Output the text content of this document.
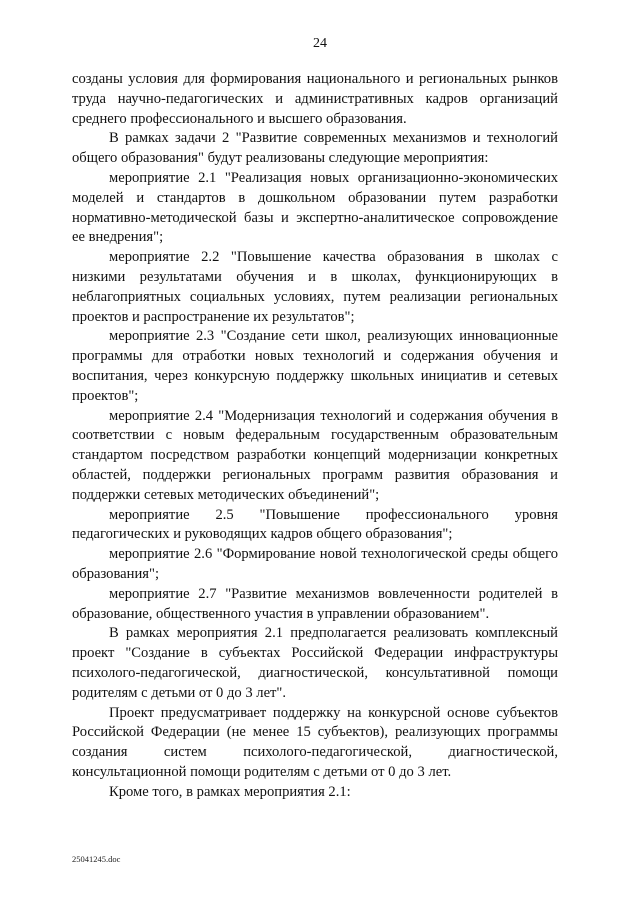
24

созданы условия для формирования национального и региональных рынков труда научно-педагогических и административных кадров организаций среднего профессионального и высшего образования.

В рамках задачи 2 "Развитие современных механизмов и технологий общего образования" будут реализованы следующие мероприятия:

мероприятие 2.1 "Реализация новых организационно-экономических моделей и стандартов в дошкольном образовании путем разработки нормативно-методической базы и экспертно-аналитическое сопровождение ее внедрения";

мероприятие 2.2 "Повышение качества образования в школах с низкими результатами обучения и в школах, функционирующих в неблагоприятных социальных условиях, путем реализации региональных проектов и распространение их результатов";

мероприятие 2.3 "Создание сети школ, реализующих инновационные программы для отработки новых технологий и содержания обучения и воспитания, через конкурсную поддержку школьных инициатив и сетевых проектов";

мероприятие 2.4 "Модернизация технологий и содержания обучения в соответствии с новым федеральным государственным образовательным стандартом посредством разработки концепций модернизации конкретных областей, поддержки региональных программ развития образования и поддержки сетевых методических объединений";

мероприятие 2.5 "Повышение профессионального уровня педагогических и руководящих кадров общего образования";

мероприятие 2.6 "Формирование новой технологической среды общего образования";

мероприятие 2.7 "Развитие механизмов вовлеченности родителей в образование, общественного участия в управлении образованием".

В рамках мероприятия 2.1 предполагается реализовать комплексный проект "Создание в субъектах Российской Федерации инфраструктуры психолого-педагогической, диагностической, консультативной помощи родителям с детьми от 0 до 3 лет".

Проект предусматривает поддержку на конкурсной основе субъектов Российской Федерации (не менее 15 субъектов), реализующих программы создания систем психолого-педагогической, диагностической, консультационной помощи родителям с детьми от 0 до 3 лет.

Кроме того, в рамках мероприятия 2.1:

25041245.doc
